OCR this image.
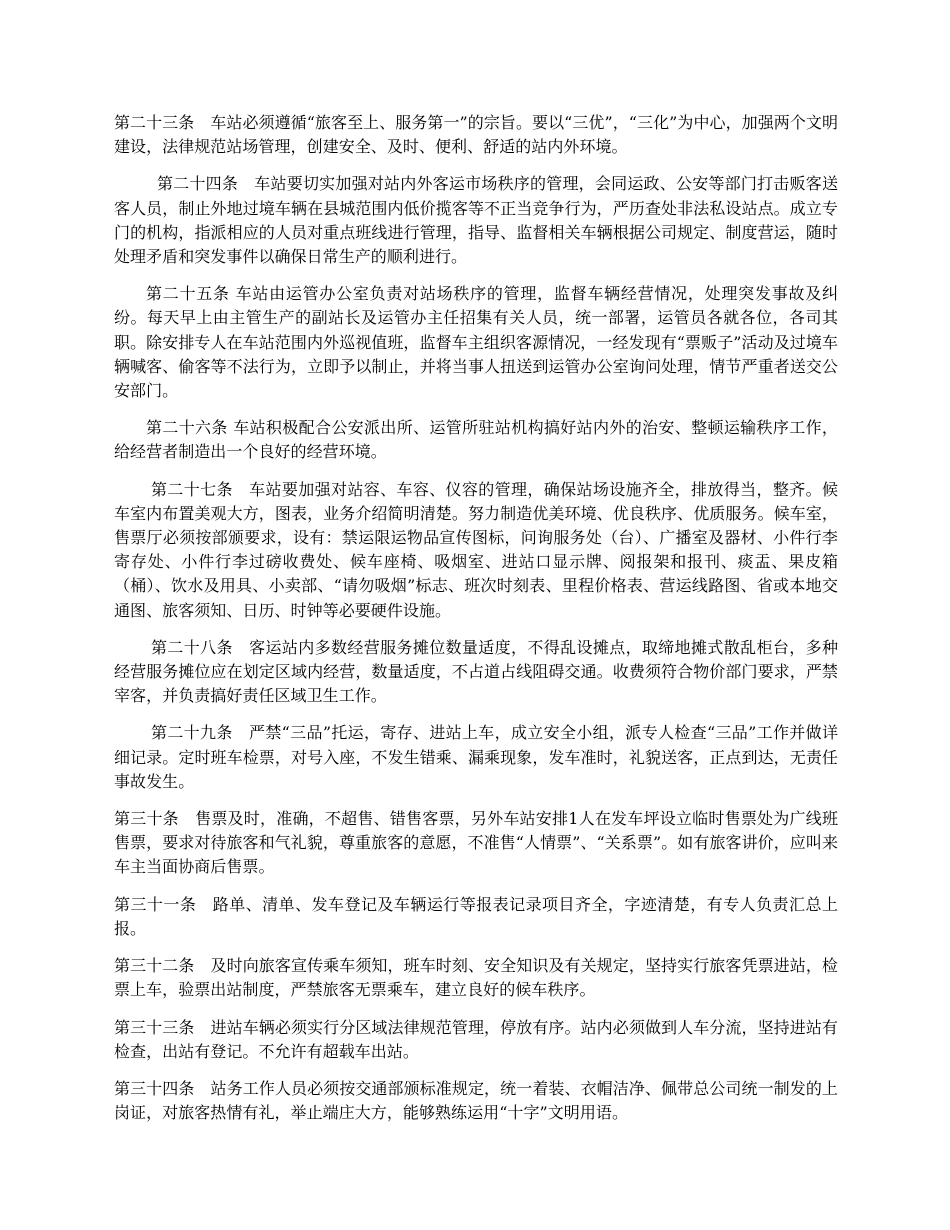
第二十三条　车站必须遵循“旅客至上、服务第一”的宗旨。要以“三优”，“三化”为中心，加强两个文明建设，法律规范站场管理，创建安全、及时、便利、舒适的站内外环境。

第二十四条　车站要切实加强对站内外客运市场秩序的管理，会同运政、公安等部门打击贩客送客人员，制止外地过境车辆在县城范围内低价揽客等不正当竞争行为，严历查处非法私设站点。成立专门的机构，指派相应的人员对重点班线进行管理，指导、监督相关车辆根据公司规定、制度营运，随时处理矛盾和突发事件以确保日常生产的顺利进行。

第二十五条 车站由运管办公室负责对站场秩序的管理，监督车辆经营情况，处理突发事故及纠纷。每天早上由主管生产的副站长及运管办主任招集有关人员，统一部署，运管员各就各位，各司其职。除安排专人在车站范围内外巡视值班，监督车主组织客源情况，一经发现有“票贩子”活动及过境车辆喊客、偷客等不法行为，立即予以制止，并将当事人扭送到运管办公室询问处理，情节严重者送交公安部门。

第二十六条 车站积极配合公安派出所、运管所驻站机构搞好站内外的治安、整顿运输秩序工作，给经营者制造出一个良好的经营环境。

第二十七条　车站要加强对站容、车容、仪容的管理，确保站场设施齐全，排放得当，整齐。候车室内布置美观大方，图表，业务介绍简明清楚。努力制造优美环境、优良秩序、优质服务。候车室，售票厅必须按部颁要求，设有：禁运限运物品宣传图标，问询服务处（台）、广播室及器材、小件行李寄存处、小件行李过磅收费处、候车座椅、吸烟室、进站口显示牌、阅报架和报刊、痰盂、果皮箱（桶）、饮水及用具、小卖部、“请勿吸烟”标志、班次时刻表、里程价格表、营运线路图、省或本地交通图、旅客须知、日历、时钟等必要硬件设施。

第二十八条　客运站内多数经营服务摊位数量适度，不得乱设摊点，取缔地摊式散乱柜台，多种经营服务摊位应在划定区域内经营，数量适度，不占道占线阻碍交通。收费须符合物价部门要求，严禁宰客，并负责搞好责任区域卫生工作。

第二十九条　严禁“三品”托运，寄存、进站上车，成立安全小组，派专人检查“三品”工作并做详细记录。定时班车检票，对号入座，不发生错乘、漏乘现象，发车准时，礼貌送客，正点到达，无责任事故发生。

第三十条　售票及时，准确，不超售、错售客票，另外车站安排1人在发车坪设立临时售票处为广线班售票，要求对待旅客和气礼貌，尊重旅客的意愿，不准售“人情票”、“关系票”。如有旅客讲价，应叫来车主当面协商后售票。

第三十一条　路单、清单、发车登记及车辆运行等报表记录项目齐全，字迹清楚，有专人负责汇总上报。

第三十二条　及时向旅客宣传乘车须知，班车时刻、安全知识及有关规定，坚持实行旅客凭票进站，检票上车，验票出站制度，严禁旅客无票乘车，建立良好的候车秩序。

第三十三条　进站车辆必须实行分区域法律规范管理，停放有序。站内必须做到人车分流，坚持进站有检查，出站有登记。不允许有超载车出站。

第三十四条　站务工作人员必须按交通部颁标准规定，统一着装、衣帽洁净、佩带总公司统一制发的上岗证，对旅客热情有礼，举止端庄大方，能够熟练运用“十字”文明用语。
